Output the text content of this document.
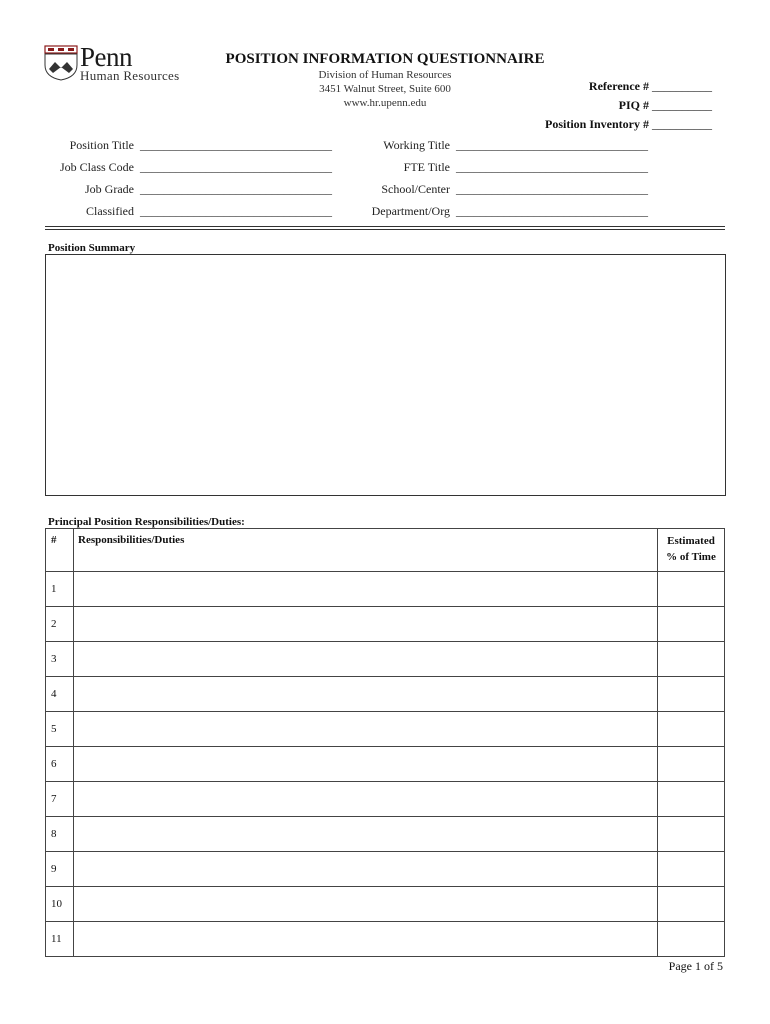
Penn
Human Resources
POSITION INFORMATION QUESTIONNAIRE
Division of Human Resources
3451 Walnut Street, Suite 600
www.hr.upenn.edu
Reference # __________
PIQ # __________
Position Inventory # __________
Position Title ________________________________
Job Class Code ________________________________
Job Grade ________________________________
Classified ________________________________
Working Title ________________________________
FTE Title ________________________________
School/Center ________________________________
Department/Org ________________________________
Position Summary
Principal Position Responsibilities/Duties:
#	Responsibilities/Duties	Estimated
% of Time

1		
2		
3		
4		
5		
6		
7		
8		
9		
10		
11		
Page 1 of 5
